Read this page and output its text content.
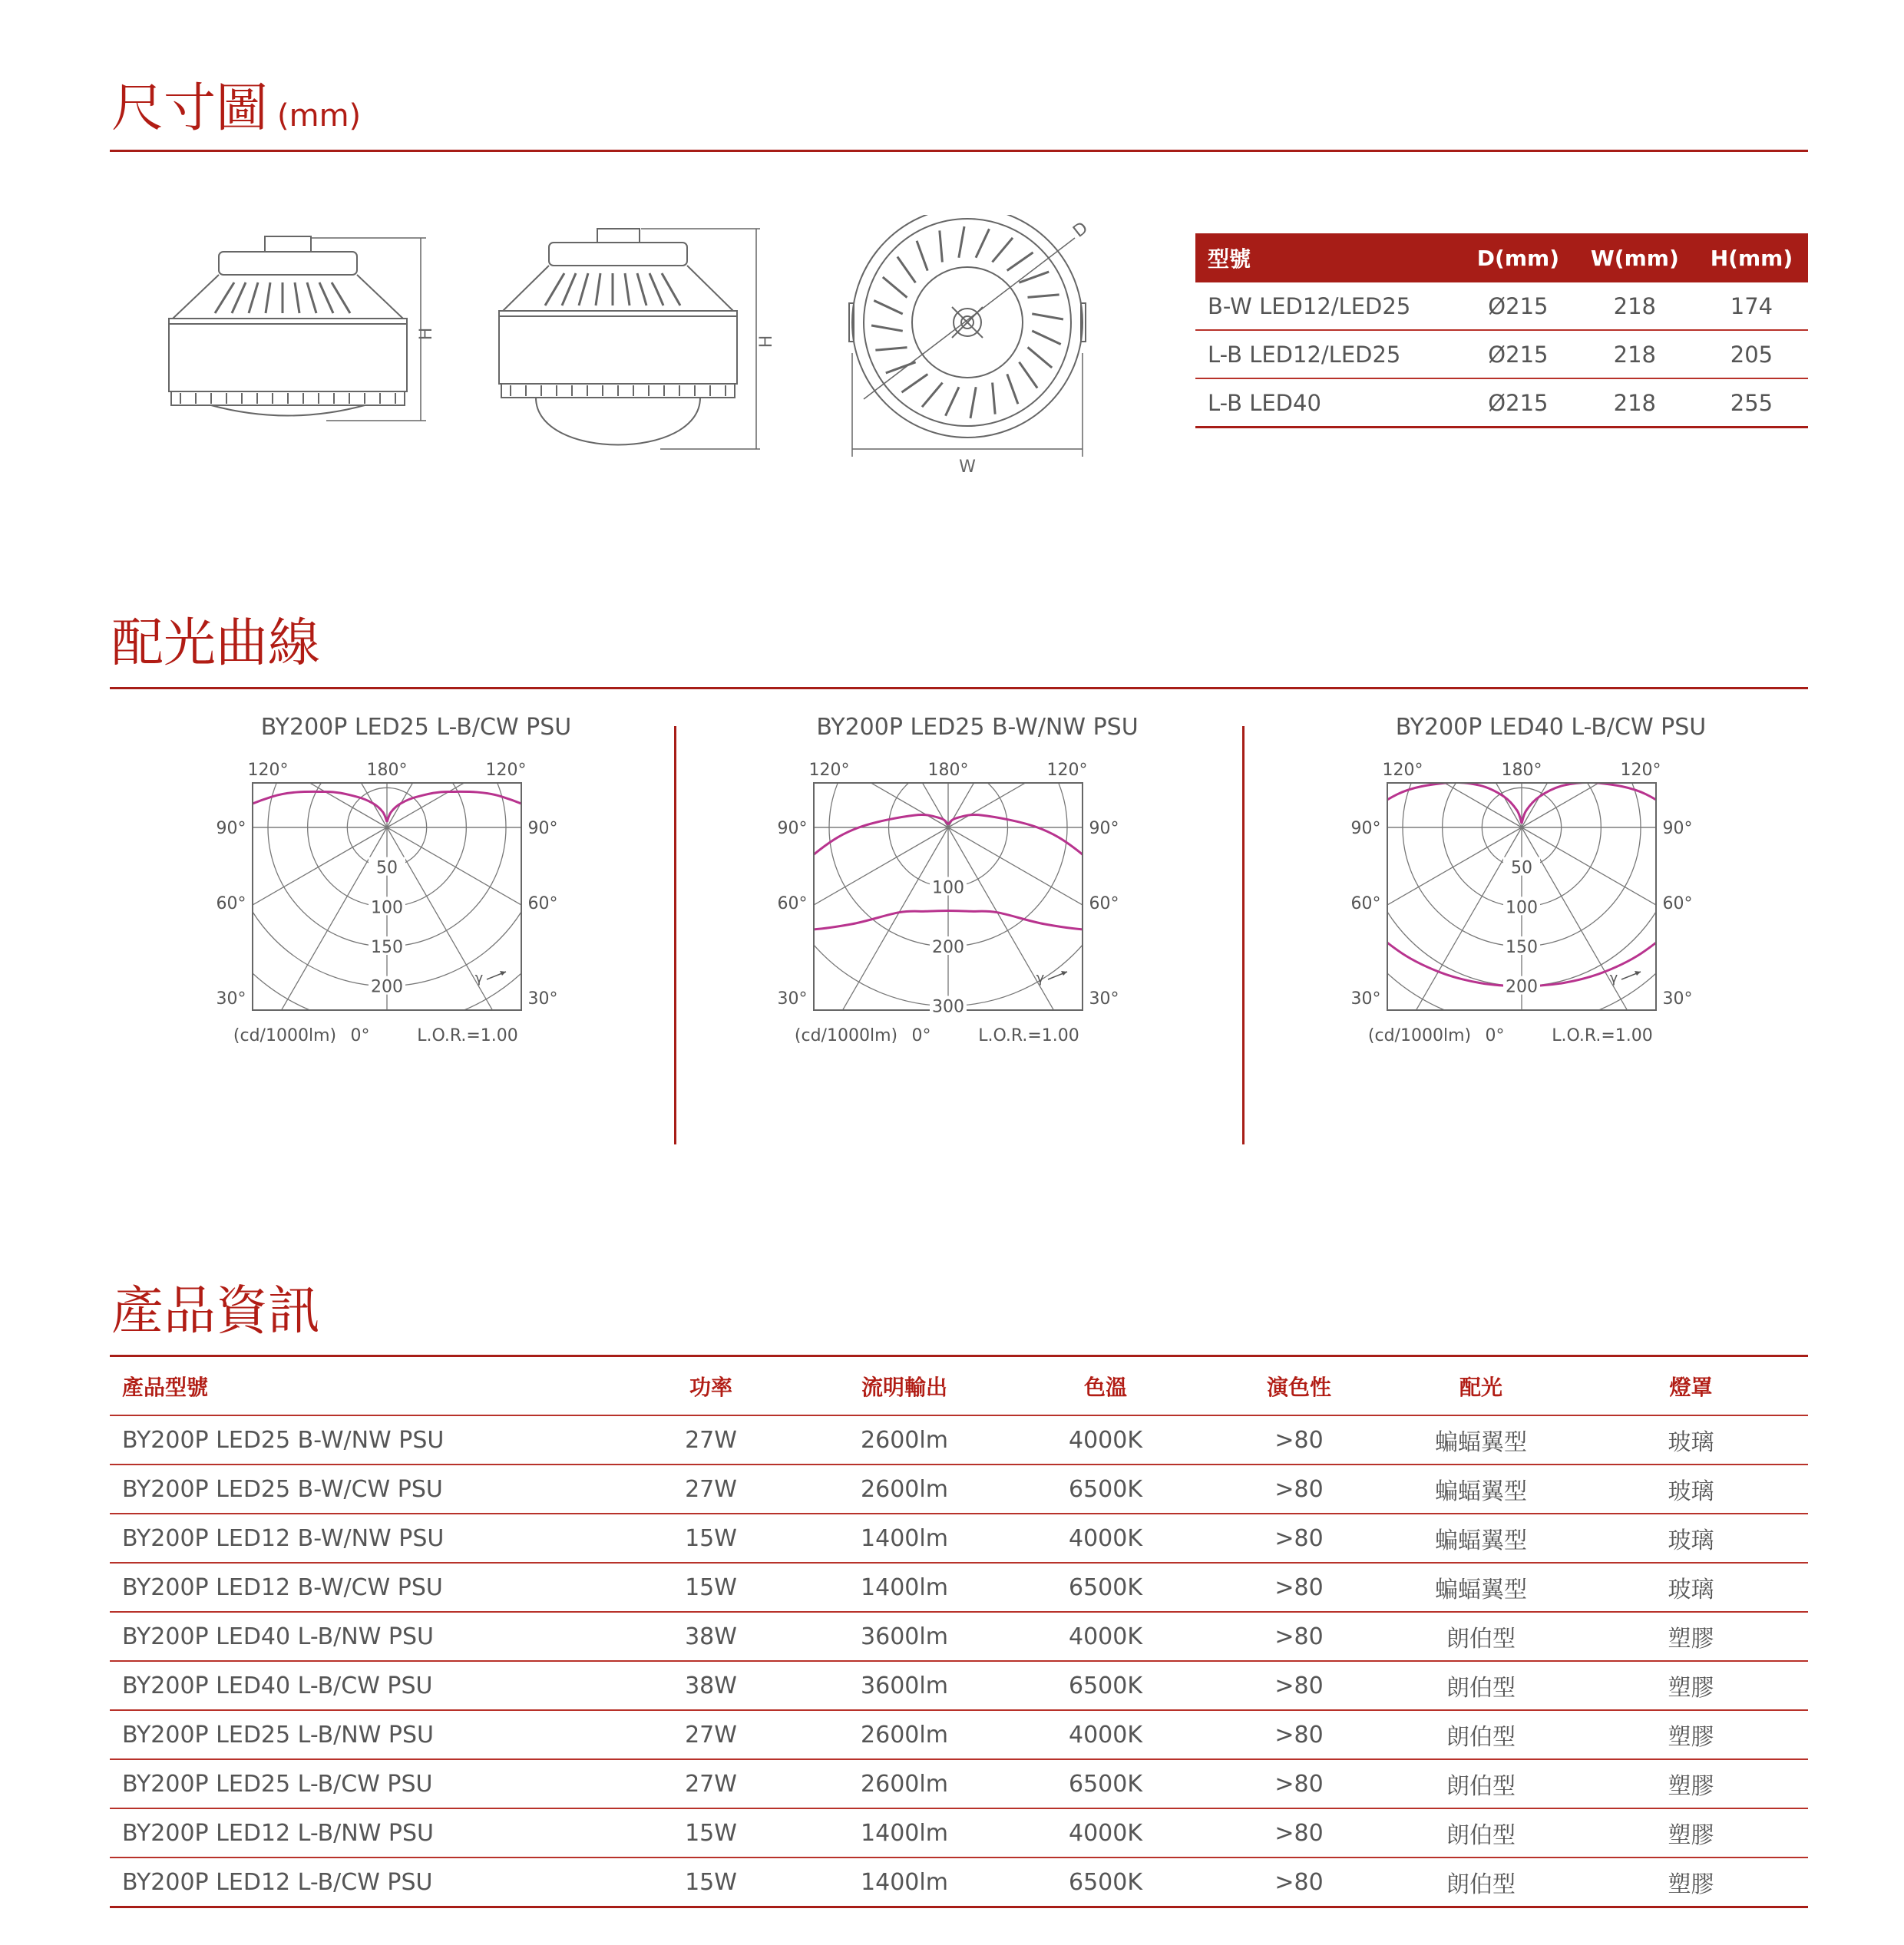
尺寸圖 (mm)
H
H
D
W
型號	D(mm)	W(mm)	H(mm)
B-W LED12/LED25	Ø215	218	174
L-B LED12/LED25	Ø215	218	205
L-B LED40	Ø215	218	255
配光曲線
BY200P LED25 L-B/CW PSU
50
100
150
200
120°	180°	120°
90°	90°
60°	60°
30°	30°
(cd/1000lm) 0°	L.O.R.=1.00
γ
BY200P LED25 B-W/NW PSU
100
200
300
120°	180°	120°
90°	90°
60°	60°
30°	30°
(cd/1000lm) 0°	L.O.R.=1.00
γ
BY200P LED40 L-B/CW PSU
50
100
150
200
120°	180°	120°
90°	90°
60°	60°
30°	30°
(cd/1000lm) 0°	L.O.R.=1.00
γ
產品資訊
產品型號	功率	流明輸出	色溫	演色性	配光	燈罩
BY200P LED25 B-W/NW PSU	27W	2600lm	4000K	>80	蝙蝠翼型	玻璃
BY200P LED25 B-W/CW PSU	27W	2600lm	6500K	>80	蝙蝠翼型	玻璃
BY200P LED12 B-W/NW PSU	15W	1400lm	4000K	>80	蝙蝠翼型	玻璃
BY200P LED12 B-W/CW PSU	15W	1400lm	6500K	>80	蝙蝠翼型	玻璃
BY200P LED40 L-B/NW PSU	38W	3600lm	4000K	>80	朗伯型	塑膠
BY200P LED40 L-B/CW PSU	38W	3600lm	6500K	>80	朗伯型	塑膠
BY200P LED25 L-B/NW PSU	27W	2600lm	4000K	>80	朗伯型	塑膠
BY200P LED25 L-B/CW PSU	27W	2600lm	6500K	>80	朗伯型	塑膠
BY200P LED12 L-B/NW PSU	15W	1400lm	4000K	>80	朗伯型	塑膠
BY200P LED12 L-B/CW PSU	15W	1400lm	6500K	>80	朗伯型	塑膠
